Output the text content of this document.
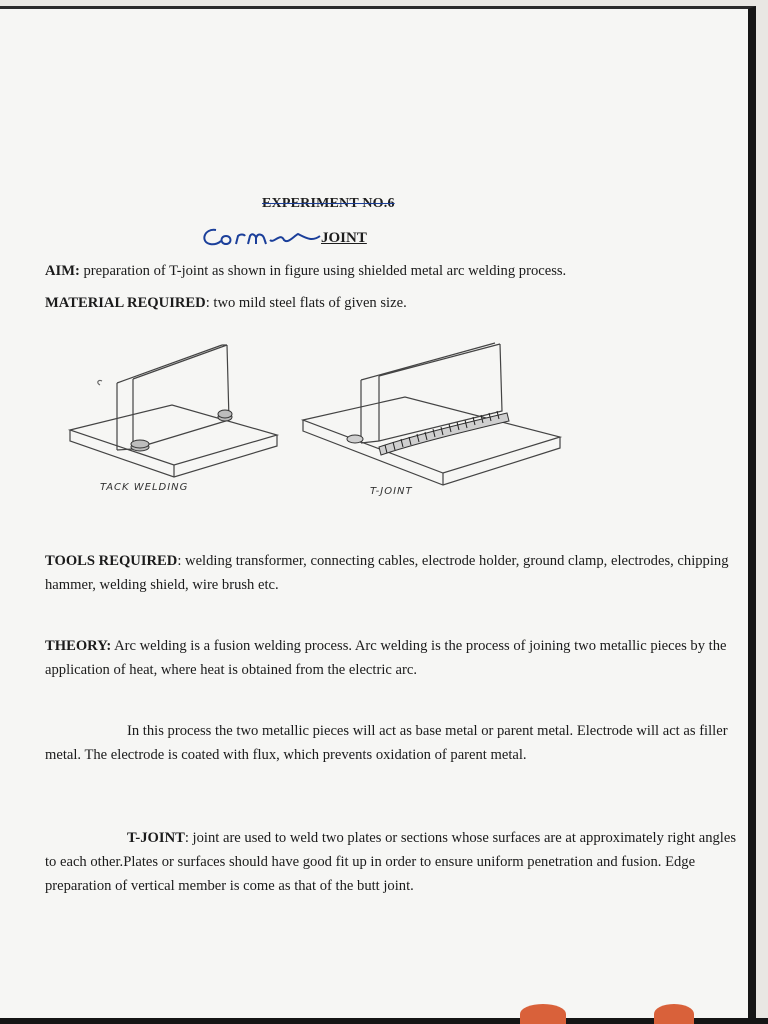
EXPERIMENT NO.6
JOINT
AIM: preparation of T-joint as shown in figure using shielded metal arc welding process.
MATERIAL REQUIRED: two mild steel flats of given size.
TACK WELDING	T-JOINT
TOOLS REQUIRED: welding transformer, connecting cables, electrode holder, ground clamp, electrodes, chipping hammer, welding shield, wire brush etc.
THEORY: Arc welding is a fusion welding process. Arc welding is the process of joining two metallic pieces by the application of heat, where heat is obtained from the electric arc.
In this process the two metallic pieces will act as base metal or parent metal. Electrode will act as filler metal. The electrode is coated with flux, which prevents oxidation of parent metal.
T-JOINT: joint are used to weld two plates or sections whose surfaces are at approximately right angles to each other.Plates or surfaces should have good fit up in order to ensure uniform penetration and fusion. Edge preparation of vertical member is come as that of the butt joint.
